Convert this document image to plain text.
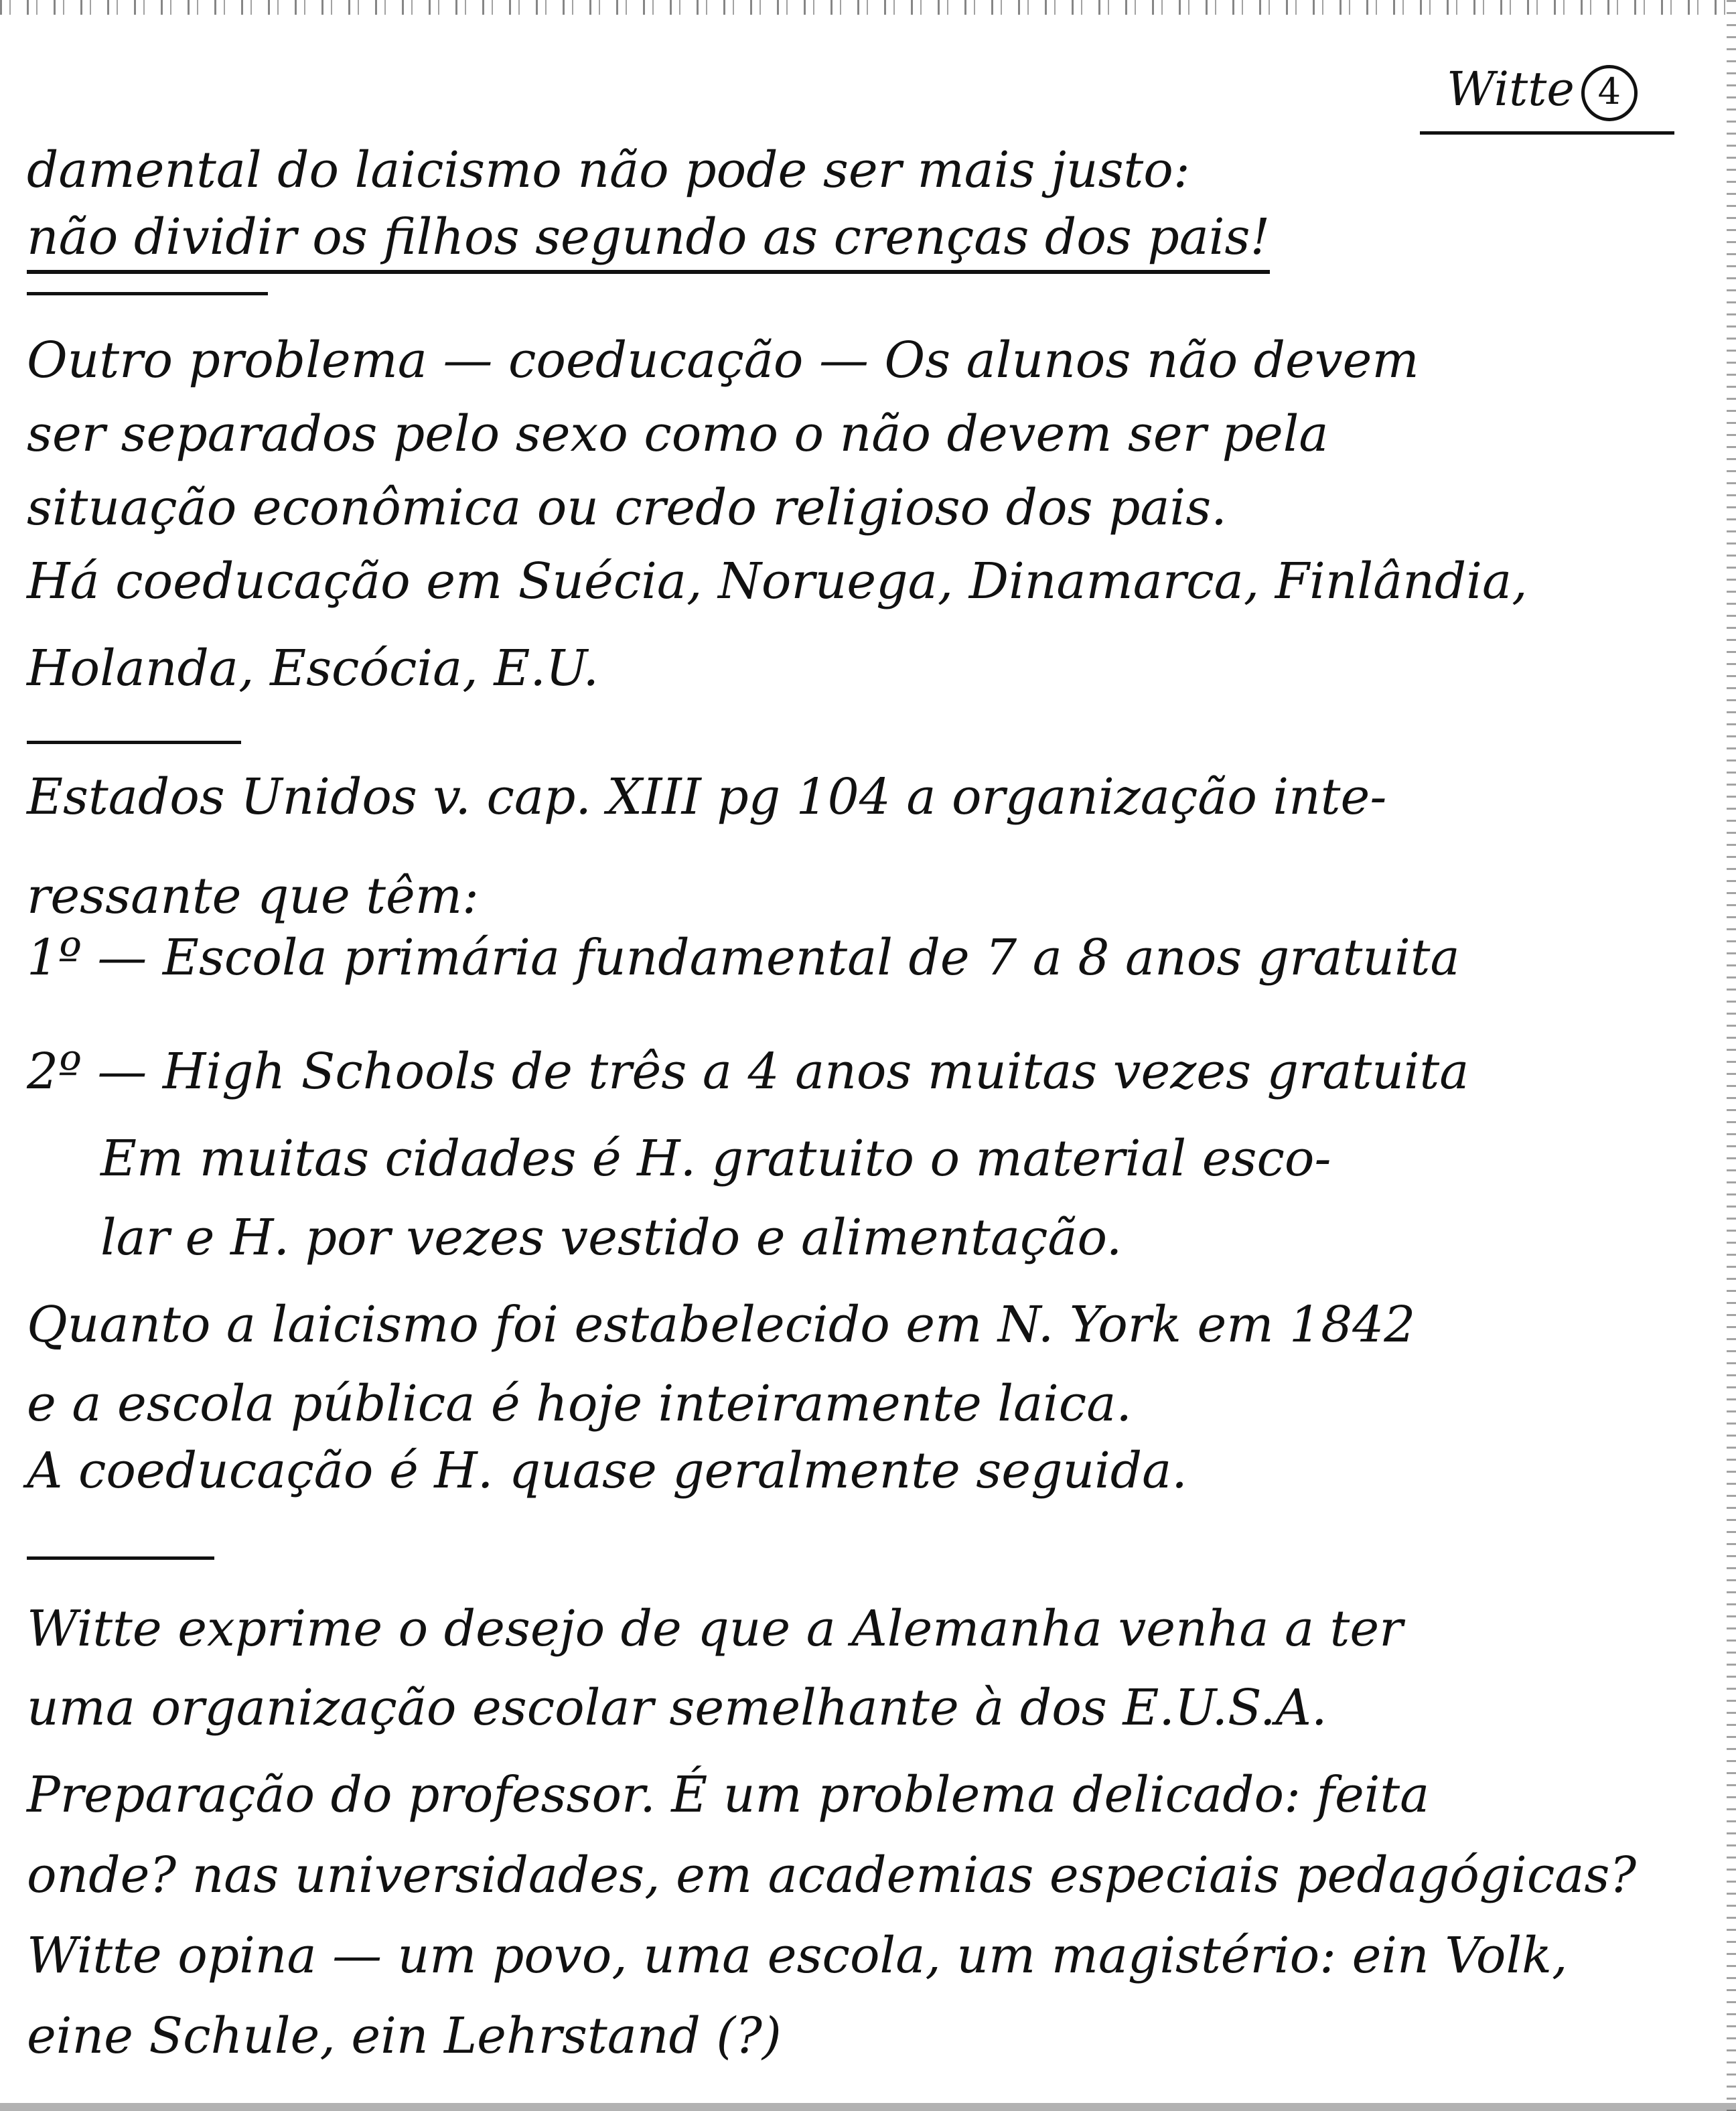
Witte 4
damental do laicismo não pode ser mais justo:
não dividir os filhos segundo as crenças dos pais!
Outro problema — coeducação — Os alunos não devem
ser separados pelo sexo como o não devem ser pela
situação econômica ou credo religioso dos pais.
Há coeducação em Suécia, Noruega, Dinamarca, Finlândia,
Holanda, Escócia, E.U.
Estados Unidos v. cap. XIII pg 104 a organização inte-
ressante que têm:
1º — Escola primária fundamental de 7 a 8 anos gratuita
2º — High Schools de três a 4 anos muitas vezes gratuita
Em muitas cidades é H. gratuito o material esco-
lar e H. por vezes vestido e alimentação.
Quanto a laicismo foi estabelecido em N. York em 1842
e a escola pública é hoje inteiramente laica.
A coeducação é H. quase geralmente seguida.
Witte exprime o desejo de que a Alemanha venha a ter
uma organização escolar semelhante à dos E.U.S.A.
Preparação do professor. É um problema delicado: feita
onde? nas universidades, em academias especiais pedagógicas?
Witte opina — um povo, uma escola, um magistério: ein Volk,
eine Schule, ein Lehrstand (?)
